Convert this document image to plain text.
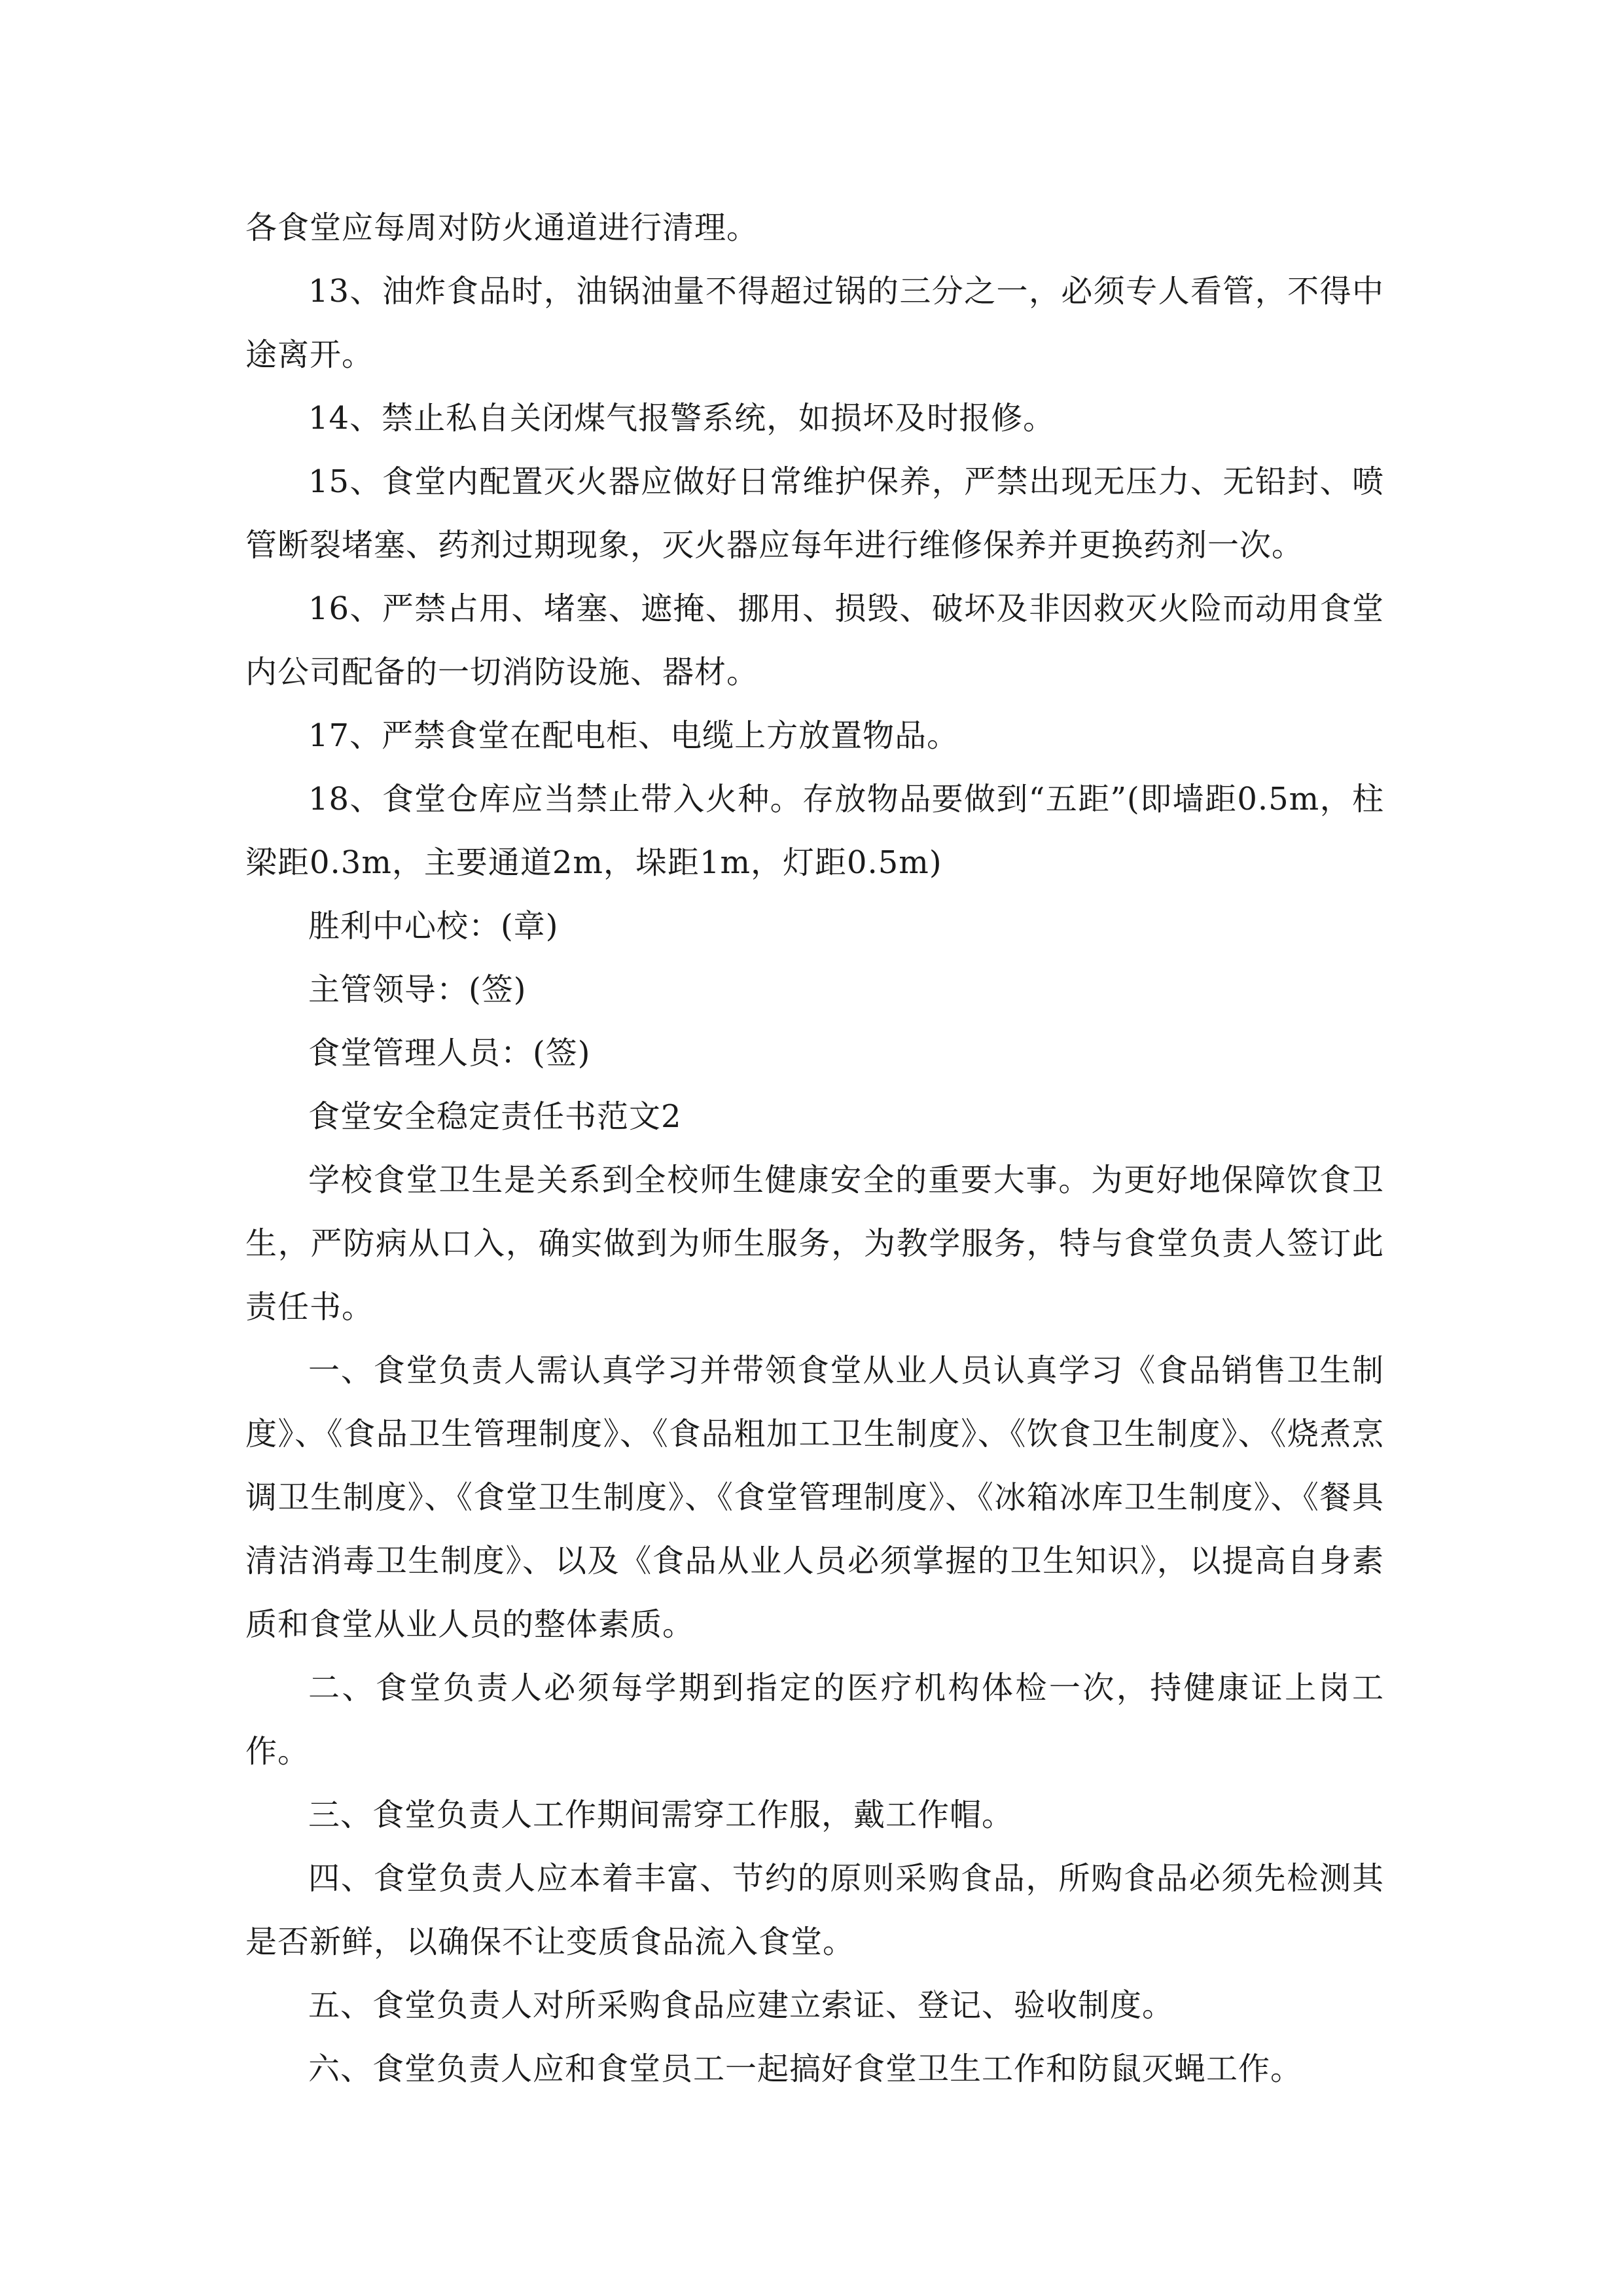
各食堂应每周对防火通道进行清理。

13、油炸食品时，油锅油量不得超过锅的三分之一，必须专人看管，不得中途离开。

14、禁止私自关闭煤气报警系统，如损坏及时报修。

15、食堂内配置灭火器应做好日常维护保养，严禁出现无压力、无铅封、喷管断裂堵塞、药剂过期现象，灭火器应每年进行维修保养并更换药剂一次。

16、严禁占用、堵塞、遮掩、挪用、损毁、破坏及非因救灭火险而动用食堂内公司配备的一切消防设施、器材。

17、严禁食堂在配电柜、电缆上方放置物品。

18、食堂仓库应当禁止带入火种。存放物品要做到“五距”(即墙距0.5m，柱梁距0.3m，主要通道2m，垛距1m，灯距0.5m)

胜利中心校：(章)

主管领导：(签)

食堂管理人员：(签)

食堂安全稳定责任书范文2

学校食堂卫生是关系到全校师生健康安全的重要大事。为更好地保障饮食卫生，严防病从口入，确实做到为师生服务，为教学服务，特与食堂负责人签订此责任书。

一、食堂负责人需认真学习并带领食堂从业人员认真学习《食品销售卫生制度》、《食品卫生管理制度》、《食品粗加工卫生制度》、《饮食卫生制度》、《烧煮烹调卫生制度》、《食堂卫生制度》、《食堂管理制度》、《冰箱冰库卫生制度》、《餐具清洁消毒卫生制度》、以及《食品从业人员必须掌握的卫生知识》，以提高自身素质和食堂从业人员的整体素质。

二、食堂负责人必须每学期到指定的医疗机构体检一次，持健康证上岗工作。

三、食堂负责人工作期间需穿工作服，戴工作帽。

四、食堂负责人应本着丰富、节约的原则采购食品，所购食品必须先检测其是否新鲜，以确保不让变质食品流入食堂。

五、食堂负责人对所采购食品应建立索证、登记、验收制度。

六、食堂负责人应和食堂员工一起搞好食堂卫生工作和防鼠灭蝇工作。
